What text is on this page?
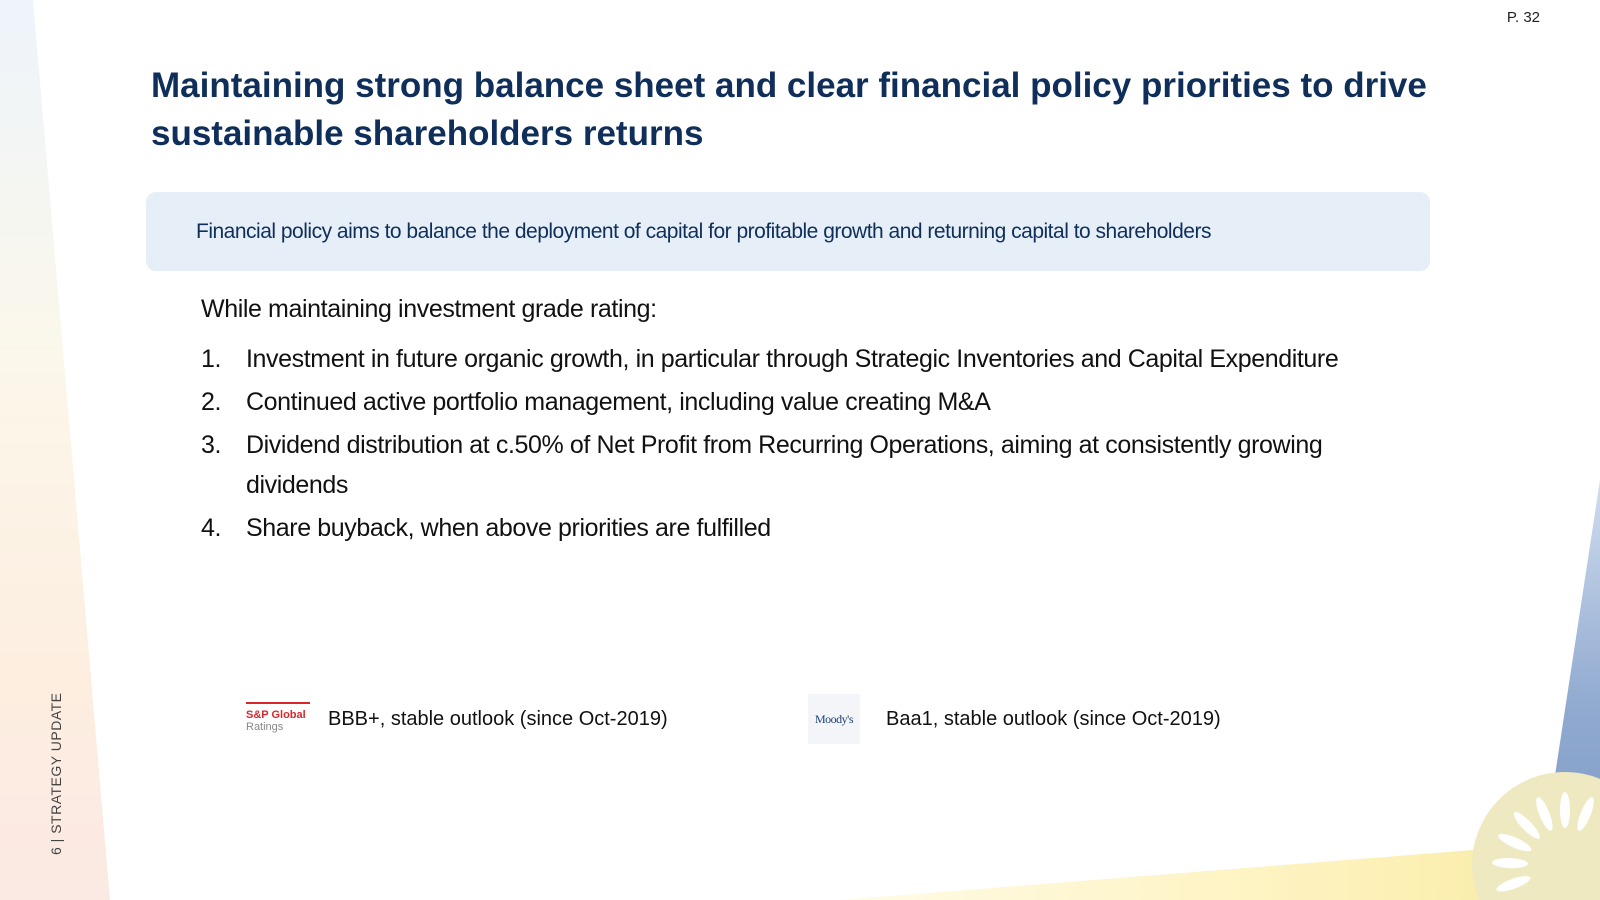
P. 32
Maintaining strong balance sheet and clear financial policy priorities to drive sustainable shareholders returns
Financial policy aims to balance the deployment of capital for profitable growth and returning capital to shareholders
While maintaining investment grade rating:
1. Investment in future organic growth, in particular through Strategic Inventories and Capital Expenditure
2. Continued active portfolio management, including value creating M&A
3. Dividend distribution at c.50% of Net Profit from Recurring Operations, aiming at consistently growing dividends
4. Share buyback, when above priorities are fulfilled
S&P Global
Ratings	BBB+, stable outlook (since Oct-2019)	Moody's Baa1, stable outlook (since Oct-2019)
6 | STRATEGY UPDATE
